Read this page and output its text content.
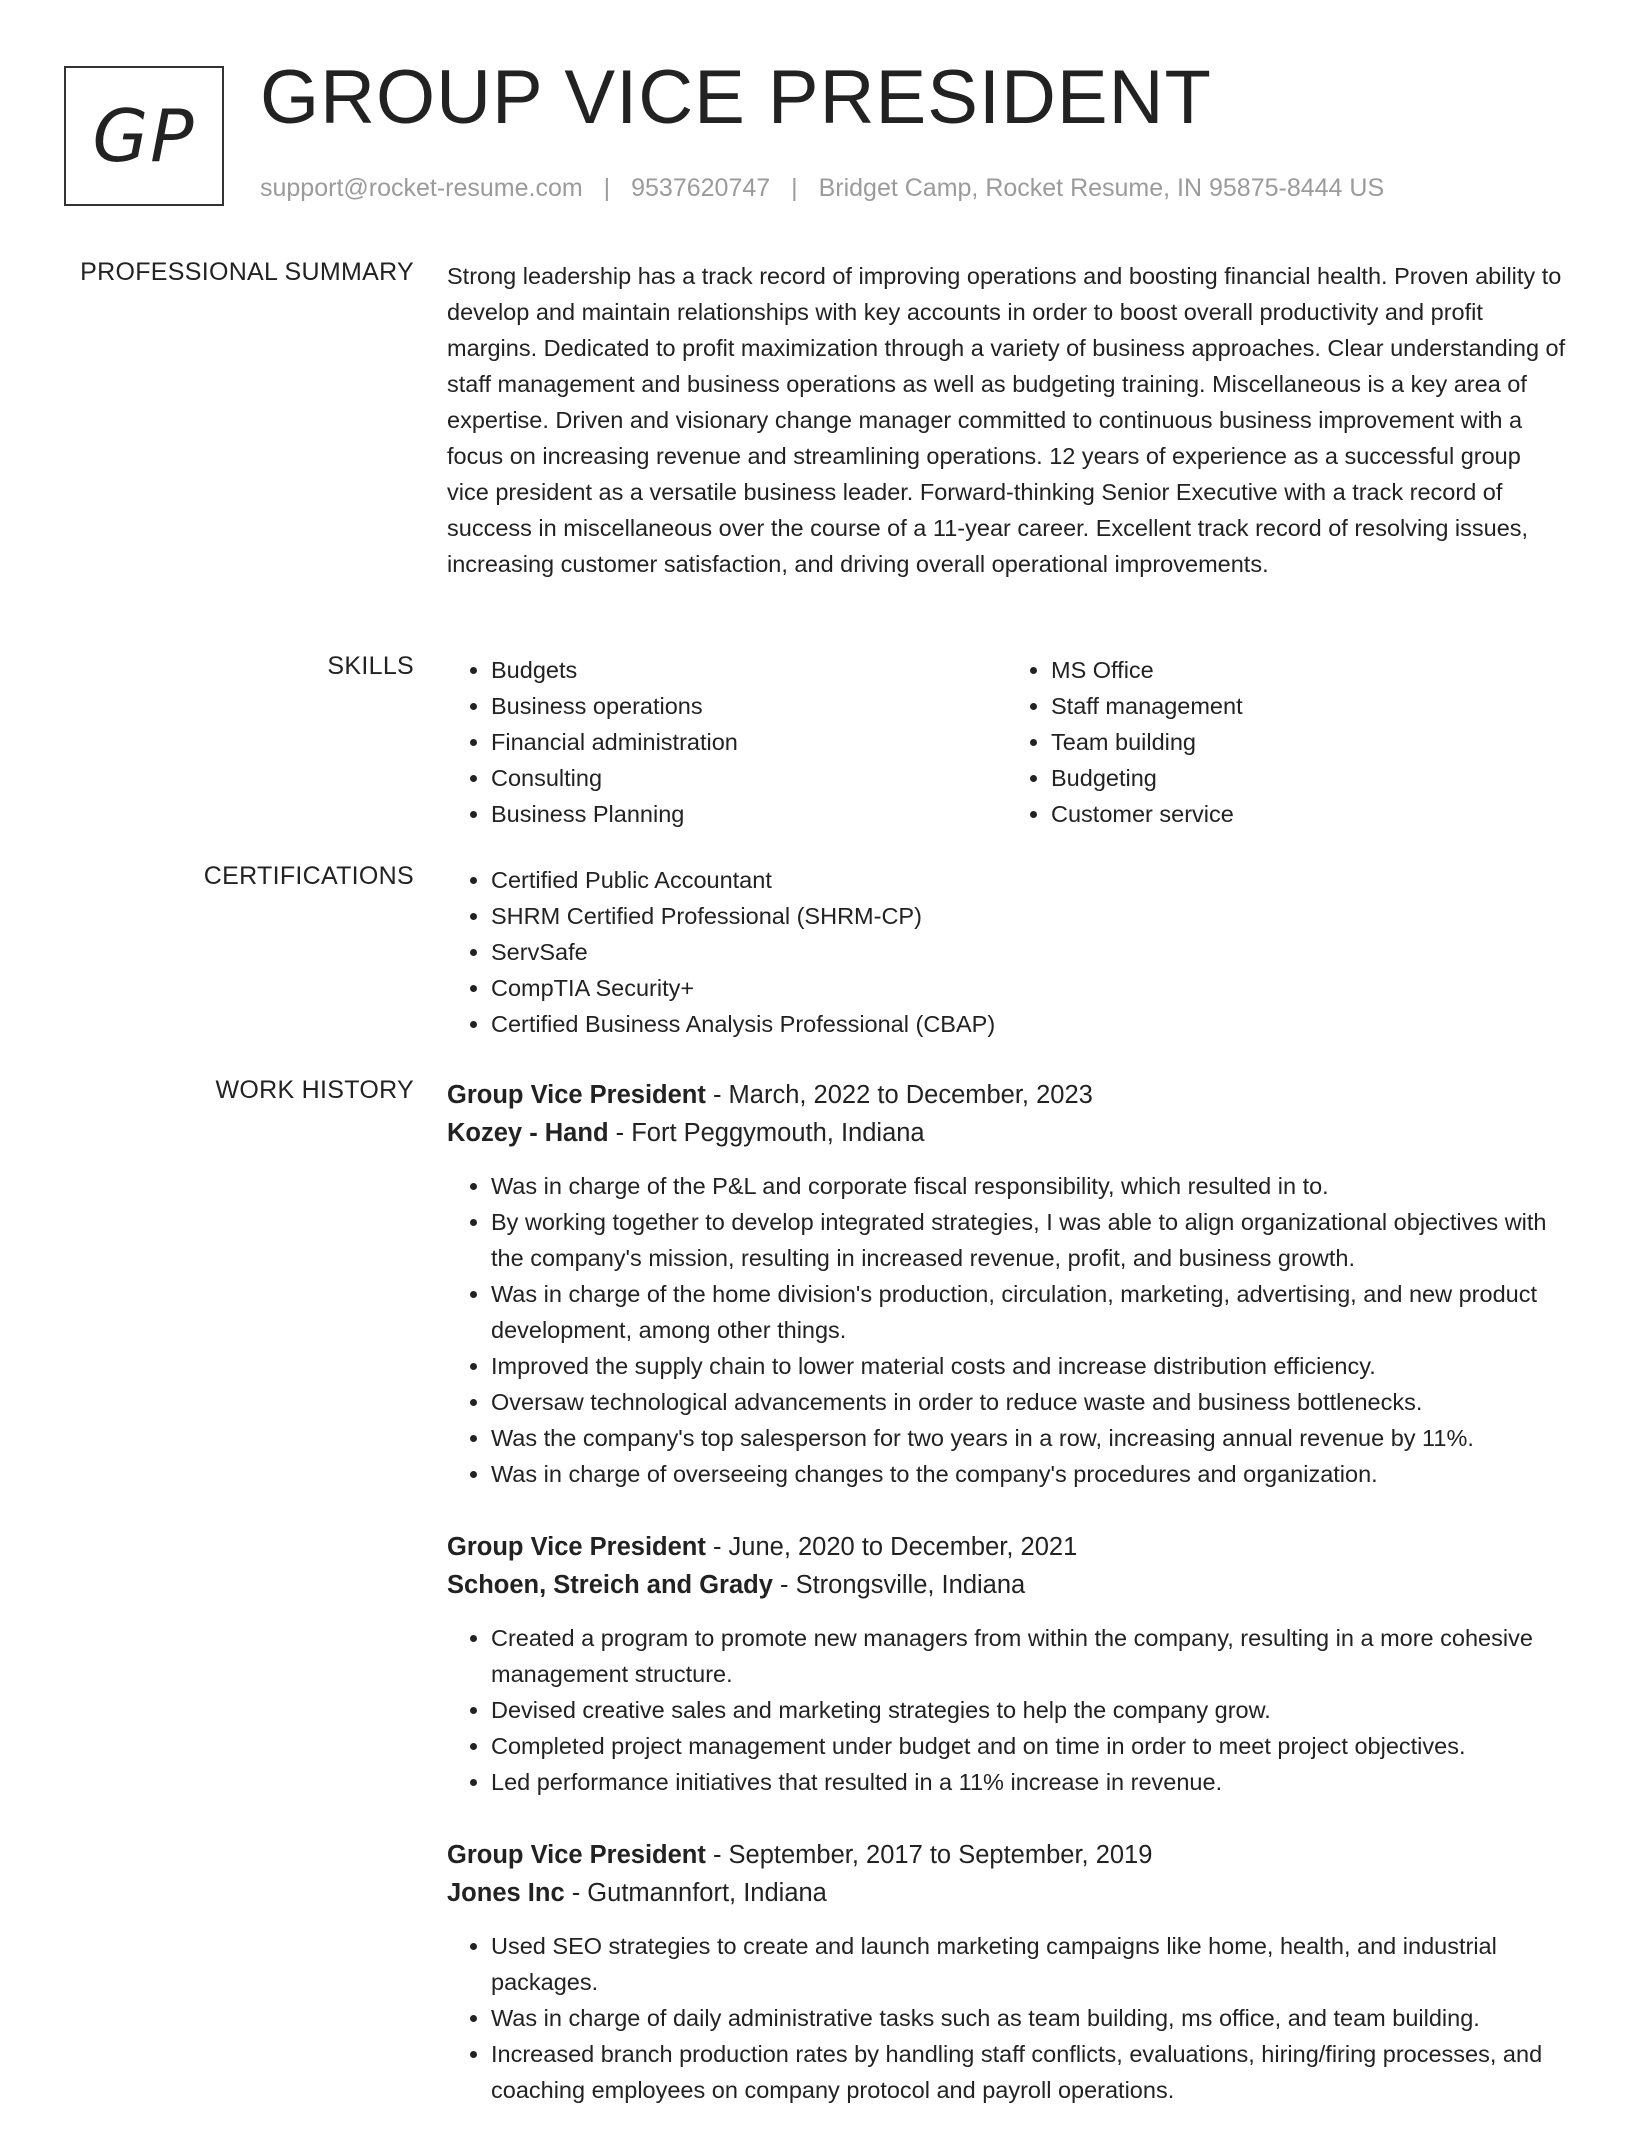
GP GROUP VICE PRESIDENT
support@rocket-resume.com | 9537620747 | Bridget Camp, Rocket Resume, IN 95875-8444 US
PROFESSIONAL SUMMARY Strong leadership has a track record of improving operations and boosting financial health. Proven ability to develop and maintain relationships with key accounts in order to boost overall productivity and profit margins. Dedicated to profit maximization through a variety of business approaches. Clear understanding of staff management and business operations as well as budgeting training. Miscellaneous is a key area of expertise. Driven and visionary change manager committed to continuous business improvement with a focus on increasing revenue and streamlining operations. 12 years of experience as a successful group vice president as a versatile business leader. Forward-thinking Senior Executive with a track record of success in miscellaneous over the course of a 11-year career. Excellent track record of resolving issues, increasing customer satisfaction, and driving overall operational improvements.

SKILLS	• Budgets
• Business operations
• Financial administration
• Consulting
• Business Planning
• MS Office
• Staff management
• Team building
• Budgeting
• Customer service
CERTIFICATIONS	• Certified Public Accountant
• SHRM Certified Professional (SHRM-CP)
• ServSafe
• CompTIA Security+
• Certified Business Analysis Professional (CBAP)
WORK HISTORY Group Vice President - March, 2022 to December, 2023
Kozey - Hand - Fort Peggymouth, Indiana
• Was in charge of the P&L and corporate fiscal responsibility, which resulted in to.
• By working together to develop integrated strategies, I was able to align organizational objectives with the company's mission, resulting in increased revenue, profit, and business growth.
• Was in charge of the home division's production, circulation, marketing, advertising, and new product development, among other things.
• Improved the supply chain to lower material costs and increase distribution efficiency.
• Oversaw technological advancements in order to reduce waste and business bottlenecks.
• Was the company's top salesperson for two years in a row, increasing annual revenue by 11%.
• Was in charge of overseeing changes to the company's procedures and organization.
Group Vice President - June, 2020 to December, 2021
Schoen, Streich and Grady - Strongsville, Indiana
• Created a program to promote new managers from within the company, resulting in a more cohesive management structure.
• Devised creative sales and marketing strategies to help the company grow.
• Completed project management under budget and on time in order to meet project objectives.
• Led performance initiatives that resulted in a 11% increase in revenue.
Group Vice President - September, 2017 to September, 2019
Jones Inc - Gutmannfort, Indiana
• Used SEO strategies to create and launch marketing campaigns like home, health, and industrial packages.
• Was in charge of daily administrative tasks such as team building, ms office, and team building.
• Increased branch production rates by handling staff conflicts, evaluations, hiring/firing processes, and coaching employees on company protocol and payroll operations.
